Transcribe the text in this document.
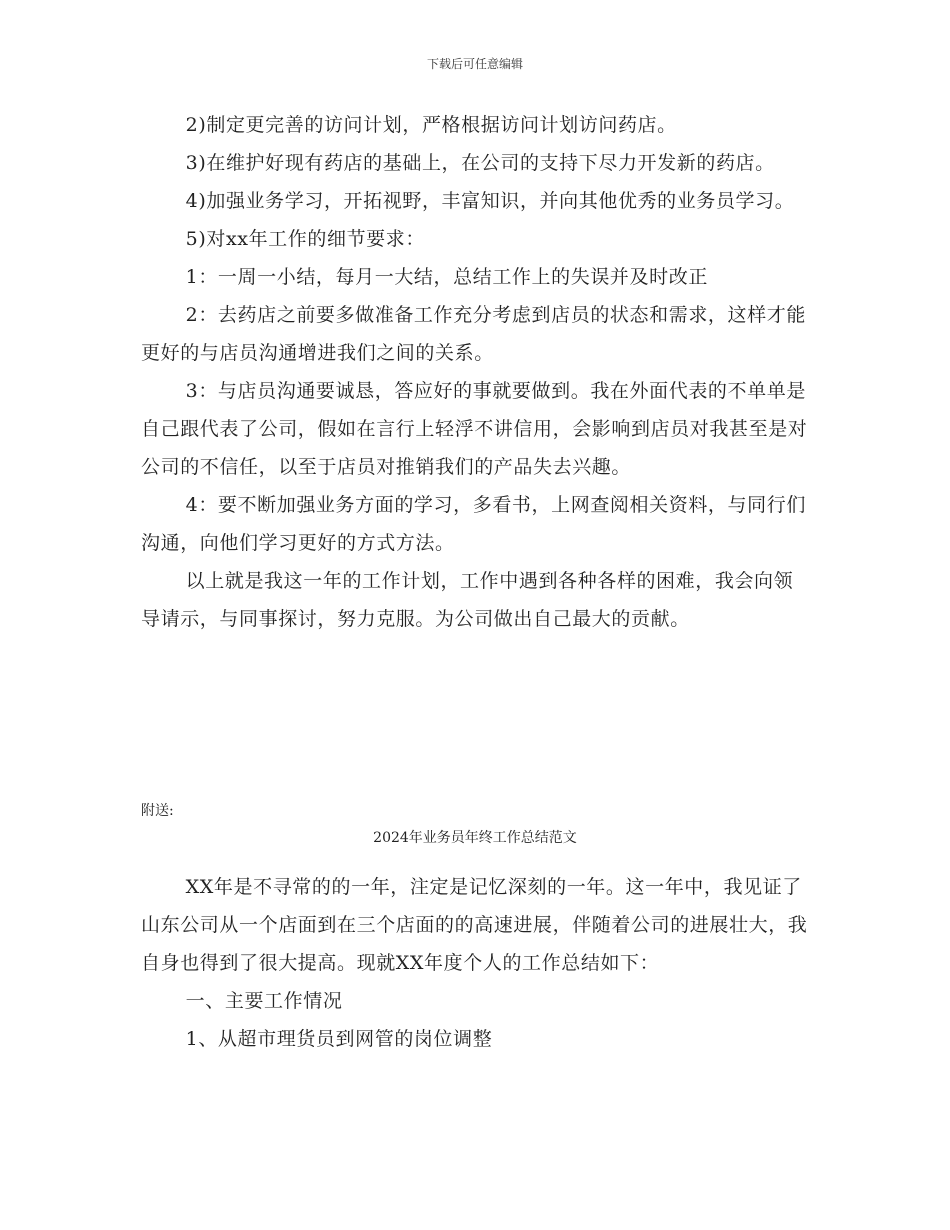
下载后可任意编辑

2)制定更完善的访问计划，严格根据访问计划访问药店。

3)在维护好现有药店的基础上，在公司的支持下尽力开发新的药店。

4)加强业务学习，开拓视野，丰富知识，并向其他优秀的业务员学习。

5)对xx年工作的细节要求：

1：一周一小结，每月一大结，总结工作上的失误并及时改正

2：去药店之前要多做准备工作充分考虑到店员的状态和需求，这样才能更好的与店员沟通增进我们之间的关系。

3：与店员沟通要诚恳，答应好的事就要做到。我在外面代表的不单单是自己跟代表了公司，假如在言行上轻浮不讲信用，会影响到店员对我甚至是对公司的不信任，以至于店员对推销我们的产品失去兴趣。

4：要不断加强业务方面的学习，多看书，上网查阅相关资料，与同行们沟通，向他们学习更好的方式方法。

以上就是我这一年的工作计划，工作中遇到各种各样的困难，我会向领导请示，与同事探讨，努力克服。为公司做出自己最大的贡献。

附送:
2024年业务员年终工作总结范文

XX年是不寻常的的一年，注定是记忆深刻的一年。这一年中，我见证了山东公司从一个店面到在三个店面的的高速进展，伴随着公司的进展壮大，我自身也得到了很大提高。现就XX年度个人的工作总结如下：

一、主要工作情况

1、从超市理货员到网管的岗位调整
